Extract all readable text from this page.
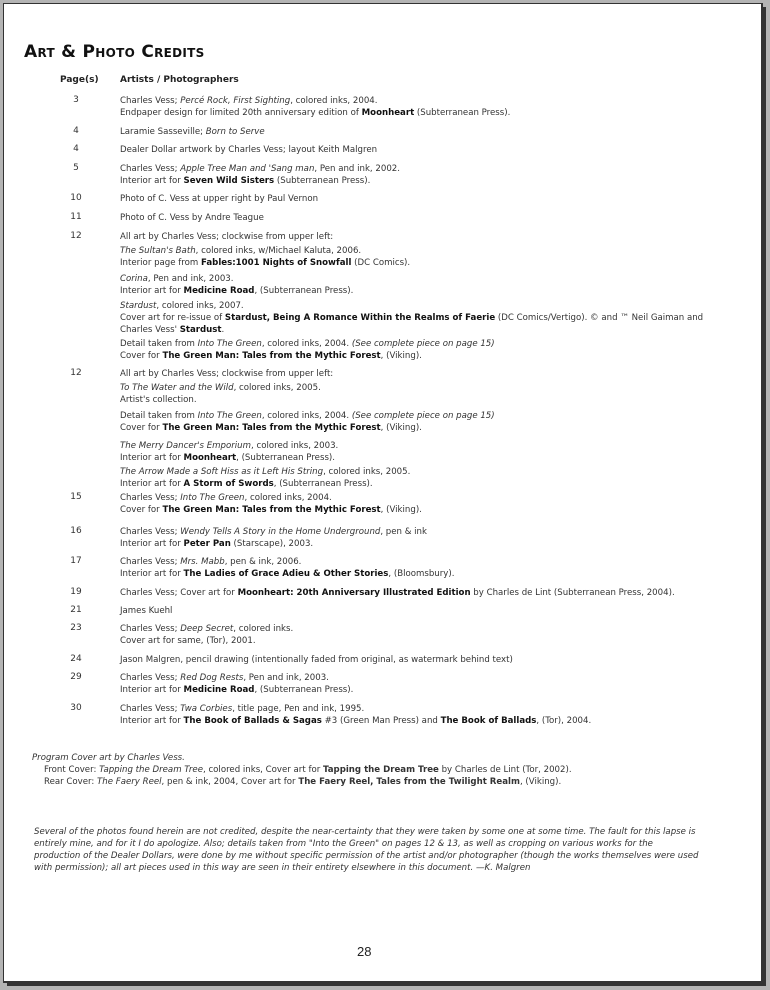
Art & Photo Credits
Page(s) Artists / Photographers
3	Charles Vess; Percé Rock, First Sighting, colored inks, 2004.
Endpaper design for limited 20th anniversary edition of Moonheart (Subterranean Press).
4	Laramie Sasseville; Born to Serve
4	Dealer Dollar artwork by Charles Vess; layout Keith Malgren
5	Charles Vess; Apple Tree Man and 'Sang man, Pen and ink, 2002.
Interior art for Seven Wild Sisters (Subterranean Press).
10	Photo of C. Vess at upper right by Paul Vernon
11	Photo of C. Vess by Andre Teague
12	All art by Charles Vess; clockwise from upper left:
The Sultan's Bath, colored inks, w/Michael Kaluta, 2006.
Interior page from Fables:1001 Nights of Snowfall (DC Comics).
Corina, Pen and ink, 2003.
Interior art for Medicine Road, (Subterranean Press).
Stardust, colored inks, 2007.
Cover art for re-issue of Stardust, Being A Romance Within the Realms of Faerie (DC Comics/Vertigo). © and ™ Neil Gaiman and
Charles Vess' Stardust.
Detail taken from Into The Green, colored inks, 2004. (See complete piece on page 15)
Cover for The Green Man: Tales from the Mythic Forest, (Viking).
12	All art by Charles Vess; clockwise from upper left:
To The Water and the Wild, colored inks, 2005.
Artist's collection.
Detail taken from Into The Green, colored inks, 2004. (See complete piece on page 15)
Cover for The Green Man: Tales from the Mythic Forest, (Viking).
The Merry Dancer's Emporium, colored inks, 2003.
Interior art for Moonheart, (Subterranean Press).
The Arrow Made a Soft Hiss as it Left His String, colored inks, 2005.
Interior art for A Storm of Swords, (Subterranean Press).
15	Charles Vess; Into The Green, colored inks, 2004.
Cover for The Green Man: Tales from the Mythic Forest, (Viking).
16	Charles Vess; Wendy Tells A Story in the Home Underground, pen & ink
Interior art for Peter Pan (Starscape), 2003.
17	Charles Vess; Mrs. Mabb, pen & ink, 2006.
Interior art for The Ladies of Grace Adieu & Other Stories, (Bloomsbury).
19	Charles Vess; Cover art for Moonheart: 20th Anniversary Illustrated Edition by Charles de Lint (Subterranean Press, 2004).
21	James Kuehl
23	Charles Vess; Deep Secret, colored inks.
Cover art for same, (Tor), 2001.
24	Jason Malgren, pencil drawing (intentionally faded from original, as watermark behind text)
29	Charles Vess; Red Dog Rests, Pen and ink, 2003.
Interior art for Medicine Road, (Subterranean Press).
30	Charles Vess; Twa Corbies, title page, Pen and ink, 1995.
Interior art for The Book of Ballads & Sagas #3 (Green Man Press) and The Book of Ballads, (Tor), 2004.
Program Cover art by Charles Vess.
Front Cover: Tapping the Dream Tree, colored inks, Cover art for Tapping the Dream Tree by Charles de Lint (Tor, 2002).
Rear Cover: The Faery Reel, pen & ink, 2004, Cover art for The Faery Reel, Tales from the Twilight Realm, (Viking).
Several of the photos found herein are not credited, despite the near-certainty that they were taken by some one at some time. The fault for this lapse is
entirely mine, and for it I do apologize. Also; details taken from "Into the Green" on pages 12 & 13, as well as cropping on various works for the
production of the Dealer Dollars, were done by me without specific permission of the artist and/or photographer (though the works themselves were used
with permission); all art pieces used in this way are seen in their entirety elsewhere in this document. —K. Malgren
28
